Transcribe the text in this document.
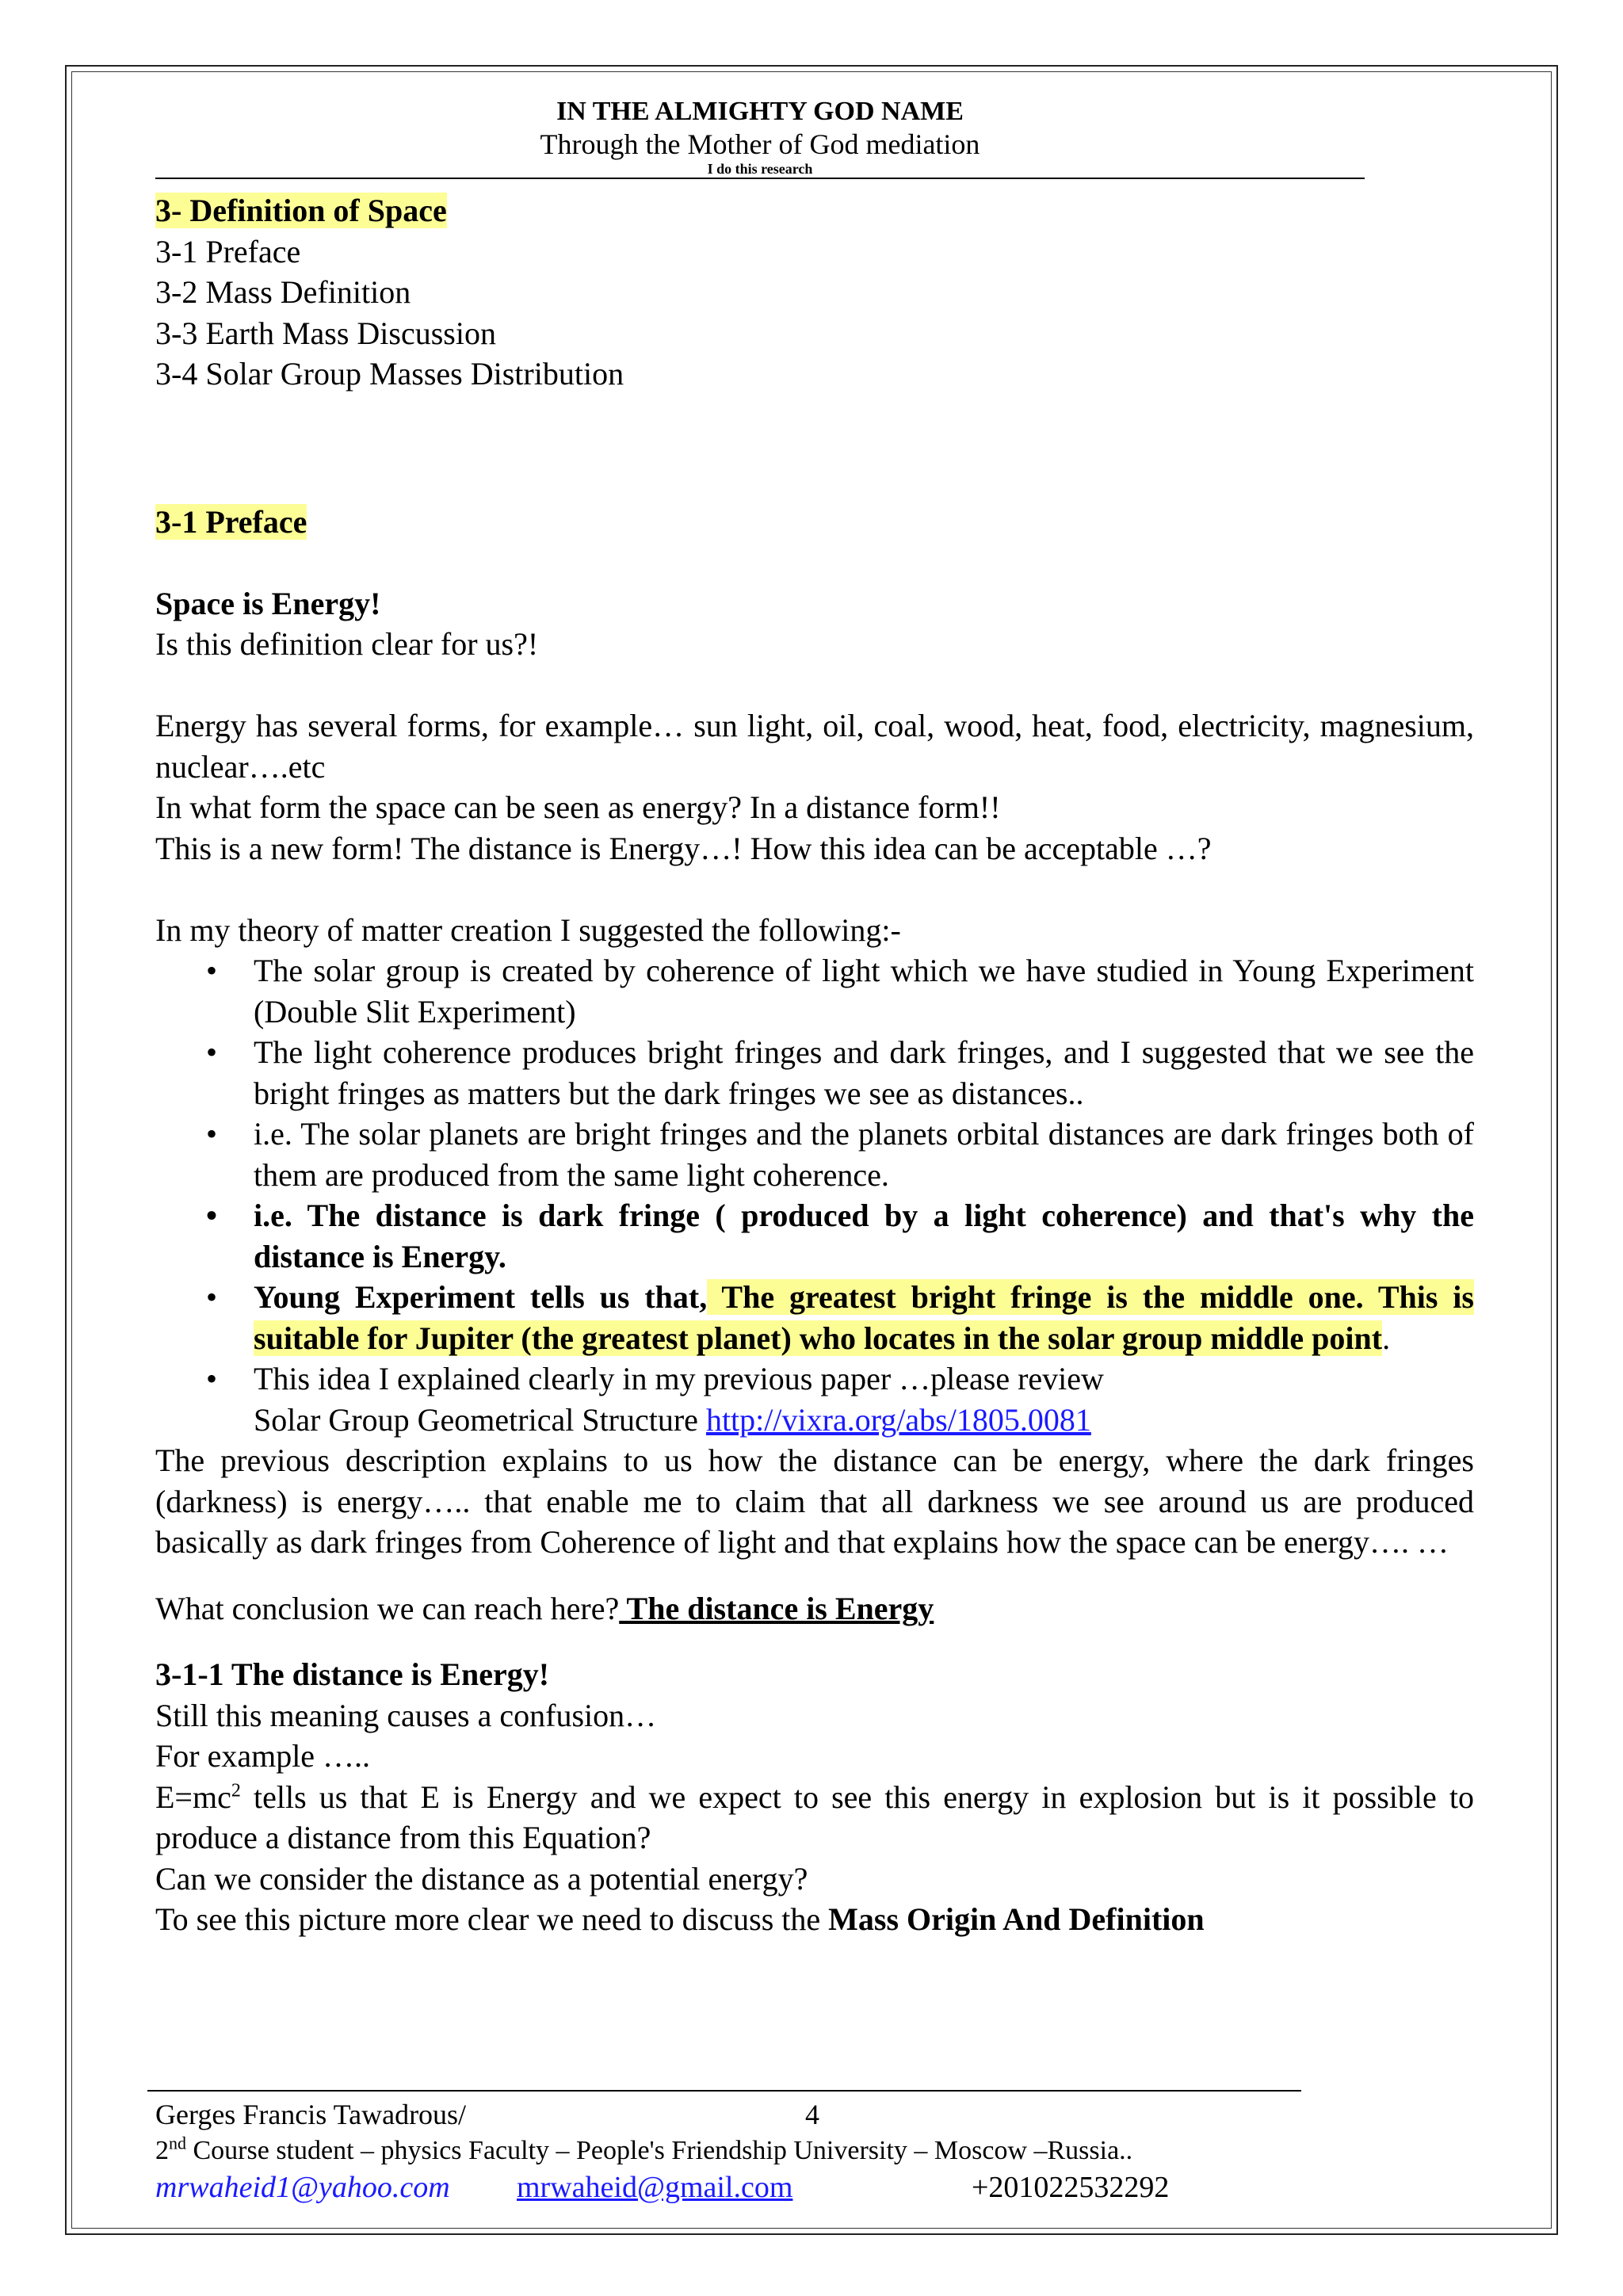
IN THE ALMIGHTY GOD NAME
Through the Mother of God mediation
I do this research

3- Definition of Space

3-1 Preface

3-2 Mass Definition

3-3 Earth Mass Discussion

3-4 Solar Group Masses Distribution

3-1 Preface

Space is Energy!

Is this definition clear for us?!

Energy has several forms, for example… sun light, oil, coal, wood, heat, food, electricity, magnesium, nuclear….etc

In what form the space can be seen as energy? In a distance form!!

This is a new form! The distance is Energy…! How this idea can be acceptable …?

In my theory of matter creation I suggested the following:-

• The solar group is created by coherence of light which we have studied in Young Experiment (Double Slit Experiment)
• The light coherence produces bright fringes and dark fringes, and I suggested that we see the bright fringes as matters but the dark fringes we see as distances..
• i.e. The solar planets are bright fringes and the planets orbital distances are dark fringes both of them are produced from the same light coherence.
• i.e. The distance is dark fringe ( produced by a light coherence) and that's why the distance is Energy.
• Young Experiment tells us that, The greatest bright fringe is the middle one. This is suitable for Jupiter (the greatest planet) who locates in the solar group middle point.
• This idea I explained clearly in my previous paper …please review
Solar Group Geometrical Structure http://vixra.org/abs/1805.0081

The previous description explains to us how the distance can be energy, where the dark fringes (darkness) is energy….. that enable me to claim that all darkness we see around us are produced basically as dark fringes from Coherence of light and that explains how the space can be energy…. …

What conclusion we can reach here? The distance is Energy

3-1-1 The distance is Energy!

Still this meaning causes a confusion…

For example …..

$E=mc^2$ tells us that E is Energy and we expect to see this energy in explosion but is it possible to produce a distance from this Equation?

Can we consider the distance as a potential energy?

To see this picture more clear we need to discuss the Mass Origin And Definition

Gerges Francis Tawadrous/	4
2nd Course student – physics Faculty – People's Friendship University – Moscow –Russia..
mrwaheid1@yahoo.com mrwaheid@gmail.com	+201022532292
